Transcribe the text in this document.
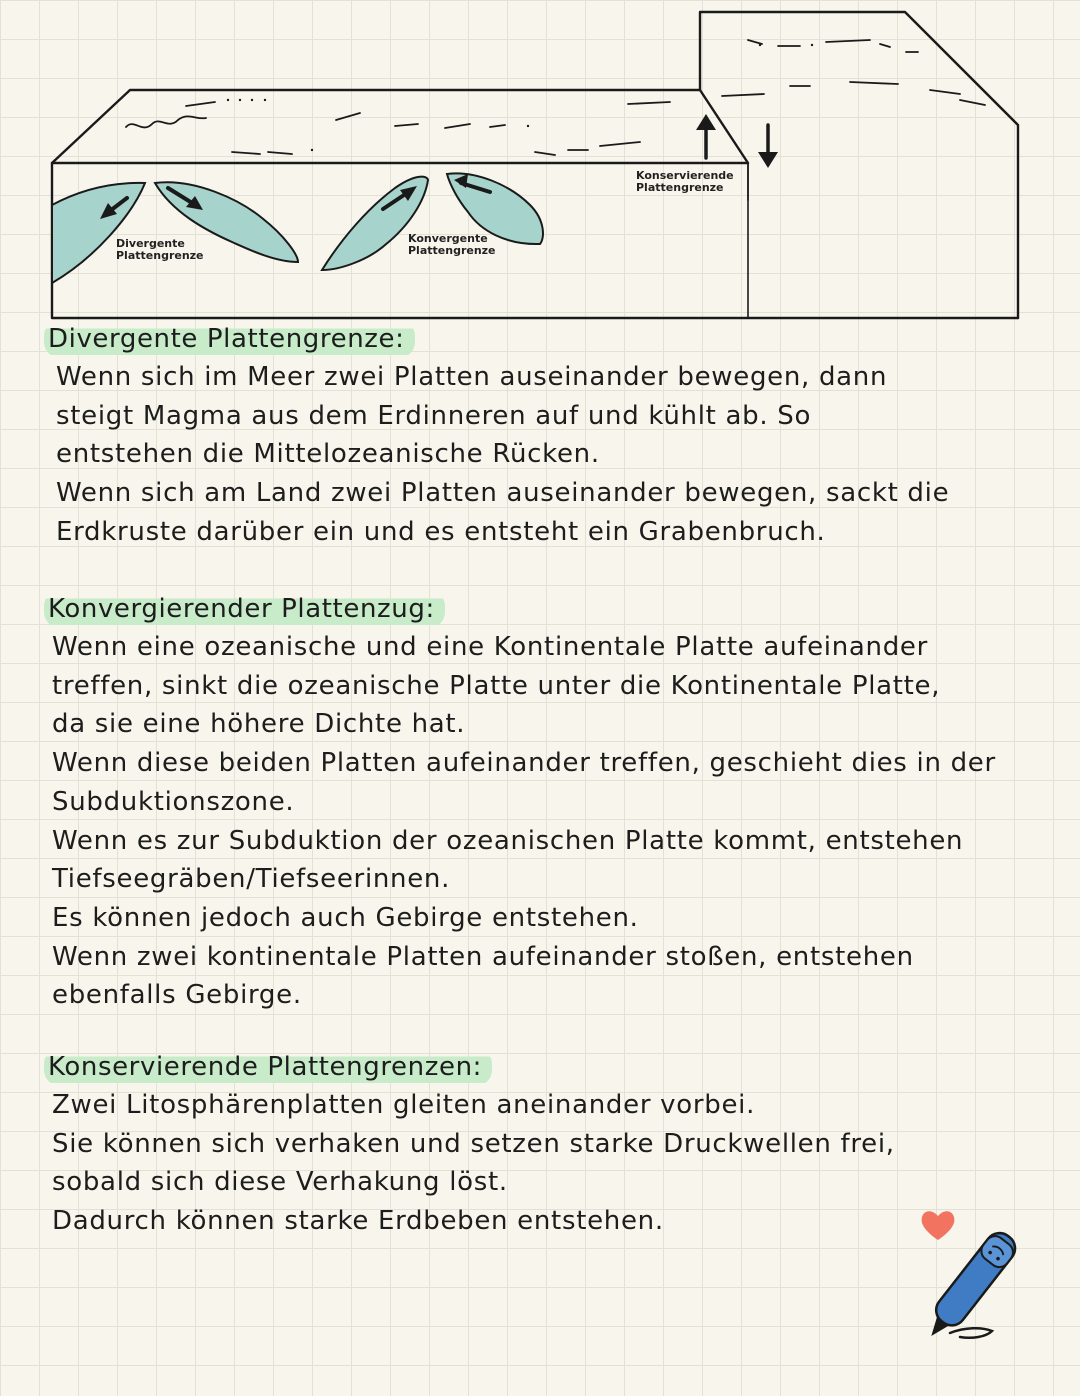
Divergente
Plattengrenze
Konvergente
Plattengrenze
Konservierende
Plattengrenze
Divergente Plattengrenze:
Wenn sich im Meer zwei Platten auseinander bewegen, dann
steigt Magma aus dem Erdinneren auf und kühlt ab. So
entstehen die Mittelozeanische Rücken.
Wenn sich am Land zwei Platten auseinander bewegen, sackt die
Erdkruste darüber ein und es entsteht ein Grabenbruch.
Konvergierender Plattenzug:
Wenn eine ozeanische und eine Kontinentale Platte aufeinander
treffen, sinkt die ozeanische Platte unter die Kontinentale Platte,
da sie eine höhere Dichte hat.
Wenn diese beiden Platten aufeinander treffen, geschieht dies in der
Subduktionszone.
Wenn es zur Subduktion der ozeanischen Platte kommt, entstehen
Tiefseegräben/Tiefseerinnen.
Es können jedoch auch Gebirge entstehen.
Wenn zwei kontinentale Platten aufeinander stoßen, entstehen
ebenfalls Gebirge.
Konservierende Plattengrenzen:
Zwei Litosphärenplatten gleiten aneinander vorbei.
Sie können sich verhaken und setzen starke Druckwellen frei,
sobald sich diese Verhakung löst.
Dadurch können starke Erdbeben entstehen.
